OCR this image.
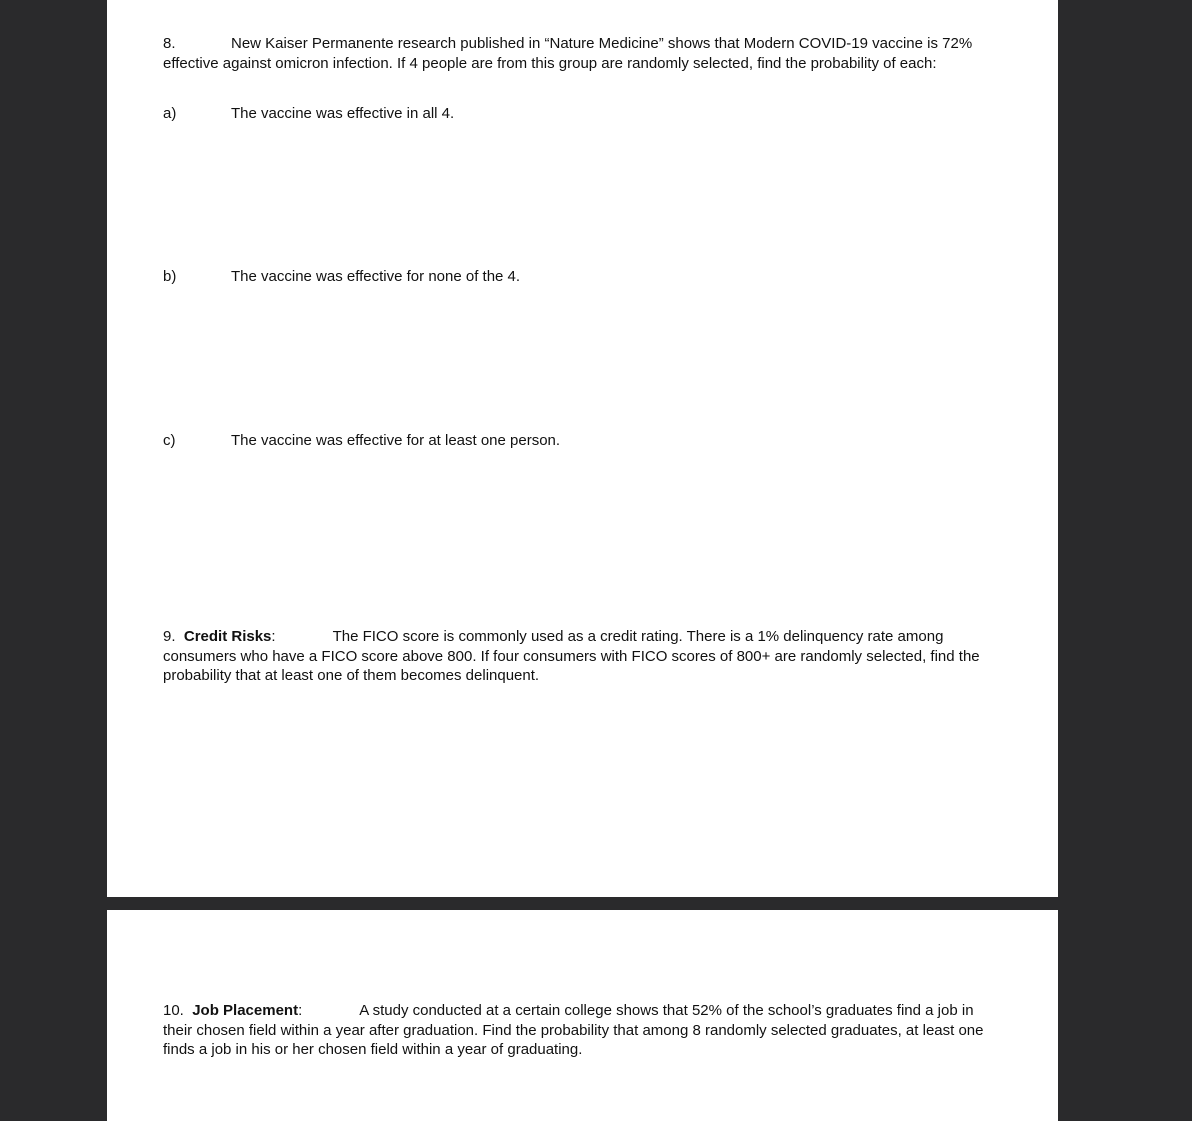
8.	New Kaiser Permanente research published in “Nature Medicine” shows that Modern COVID-19 vaccine is 72% effective against omicron infection. If 4 people are from this group are randomly selected, find the probability of each:

a)	The vaccine was effective in all 4.
b)	The vaccine was effective for none of the 4.
c)	The vaccine was effective for at least one person.

9. Credit Risks:	The FICO score is commonly used as a credit rating. There is a 1% delinquency rate among consumers who have a FICO score above 800. If four consumers with FICO scores of 800+ are randomly selected, find the probability that at least one of them becomes delinquent.

10. Job Placement:	A study conducted at a certain college shows that 52% of the school’s graduates find a job in their chosen field within a year after graduation. Find the probability that among 8 randomly selected graduates, at least one finds a job in his or her chosen field within a year of graduating.
